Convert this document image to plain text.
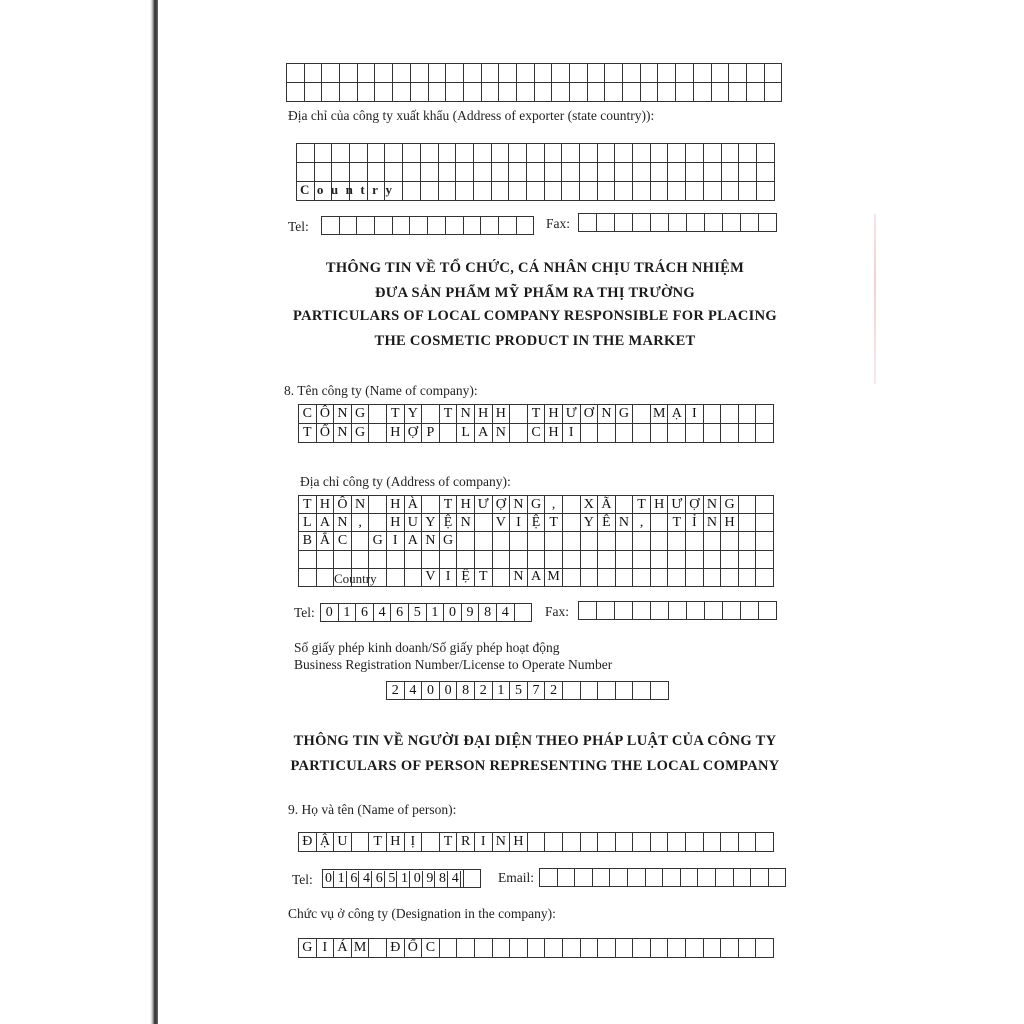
Địa chỉ của công ty xuất khẩu (Address of exporter (state country)):
Country
Tel:	Fax:
THÔNG TIN VỀ TỔ CHỨC, CÁ NHÂN CHỊU TRÁCH NHIỆM
ĐƯA SẢN PHẨM MỸ PHẨM RA THỊ TRƯỜNG
PARTICULARS OF LOCAL COMPANY RESPONSIBLE FOR PLACING
THE COSMETIC PRODUCT IN THE MARKET
8. Tên công ty (Name of company):
C Ô N G	T Y	T N H H	T H Ư Ơ N G	M Ạ I
T Ổ N G	H Ợ P	L A N	C H I
Địa chỉ công ty (Address of company):
T H Ô N	H À	T H Ư Ợ N G ,	X Ã	T H Ư Ợ N G
L A N ,	H U Y Ệ N	V I Ệ T	Y Ê N ,	T Ỉ N H
B Ắ C	G I A N G
V I Ệ T	N A M
Country
Tel: 0 1 6 4 6 5 1 0 9 8 4	Fax:
Số giấy phép kinh doanh/Số giấy phép hoạt động
Business Registration Number/License to Operate Number
2 4 0 0 8 2 1 5 7 2
THÔNG TIN VỀ NGƯỜI ĐẠI DIỆN THEO PHÁP LUẬT CỦA CÔNG TY
PARTICULARS OF PERSON REPRESENTING THE LOCAL COMPANY
9. Họ và tên (Name of person):
Đ Ậ U	T H Ị	T R I N H
Tel: 0 1 6 4 6 5 1 0 9 8 4	Email:
Chức vụ ở công ty (Designation in the company):
G I Á M Đ Ố C
